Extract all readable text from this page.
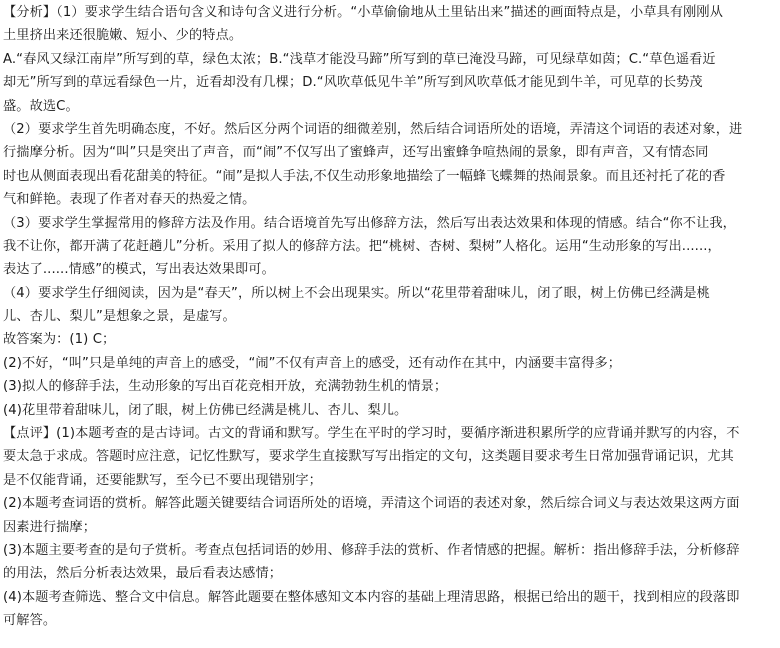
【分析】（1）要求学生结合语句含义和诗句含义进行分析。“小草偷偷地从土里钻出来”描述的画面特点是，小草具有刚刚从
土里挤出来还很脆嫩、短小、少的特点。
A.“春风又绿江南岸”所写到的草，绿色太浓；B.“浅草才能没马蹄”所写到的草已淹没马蹄，可见绿草如茵；C.“草色遥看近
却无”所写到的草远看绿色一片，近看却没有几棵；D.“风吹草低见牛羊”所写到风吹草低才能见到牛羊，可见草的长势茂
盛。故选C。
（2）要求学生首先明确态度，不好。然后区分两个词语的细微差别，然后结合词语所处的语境，弄清这个词语的表述对象，进
行揣摩分析。因为“叫”只是突出了声音，而“闹”不仅写出了蜜蜂声，还写出蜜蜂争喧热闹的景象，即有声音，又有情态同
时也从侧面表现出看花甜美的特征。“闹”是拟人手法,不仅生动形象地描绘了一幅蜂飞蝶舞的热闹景象。而且还衬托了花的香
气和鲜艳。表现了作者对春天的热爱之情。
（3）要求学生掌握常用的修辞方法及作用。结合语境首先写出修辞方法，然后写出表达效果和体现的情感。结合“你不让我，
我不让你，都开满了花赶趟儿”分析。采用了拟人的修辞方法。把“桃树、杏树、梨树”人格化。运用“生动形象的写出......，
表达了......情感”的模式，写出表达效果即可。
（4）要求学生仔细阅读，因为是“春天”，所以树上不会出现果实。所以“花里带着甜味儿，闭了眼，树上仿佛已经满是桃
儿、杏儿、梨儿”是想象之景，是虚写。
故答案为：(1) C；
(2)不好，“叫”只是单纯的声音上的感受，“闹”不仅有声音上的感受，还有动作在其中，内涵要丰富得多；
(3)拟人的修辞手法，生动形象的写出百花竞相开放，充满勃勃生机的情景；
(4)花里带着甜味儿，闭了眼，树上仿佛已经满是桃儿、杏儿、梨儿。
【点评】(1)本题考查的是古诗词。古文的背诵和默写。学生在平时的学习时，要循序渐进积累所学的应背诵并默写的内容，不
要太急于求成。答题时应注意，记忆性默写，要求学生直接默写写出指定的文句，这类题目要求考生日常加强背诵记识，尤其
是不仅能背诵，还要能默写，至今已不要出现错别字；
(2)本题考查词语的赏析。解答此题关键要结合词语所处的语境，弄清这个词语的表述对象，然后综合词义与表达效果这两方面
因素进行揣摩；
(3)本题主要考查的是句子赏析。考查点包括词语的妙用、修辞手法的赏析、作者情感的把握。解析：指出修辞手法，分析修辞
的用法，然后分析表达效果，最后看表达感情；
(4)本题考查筛选、整合文中信息。解答此题要在整体感知文本内容的基础上理清思路，根据已给出的题干，找到相应的段落即
可解答。
